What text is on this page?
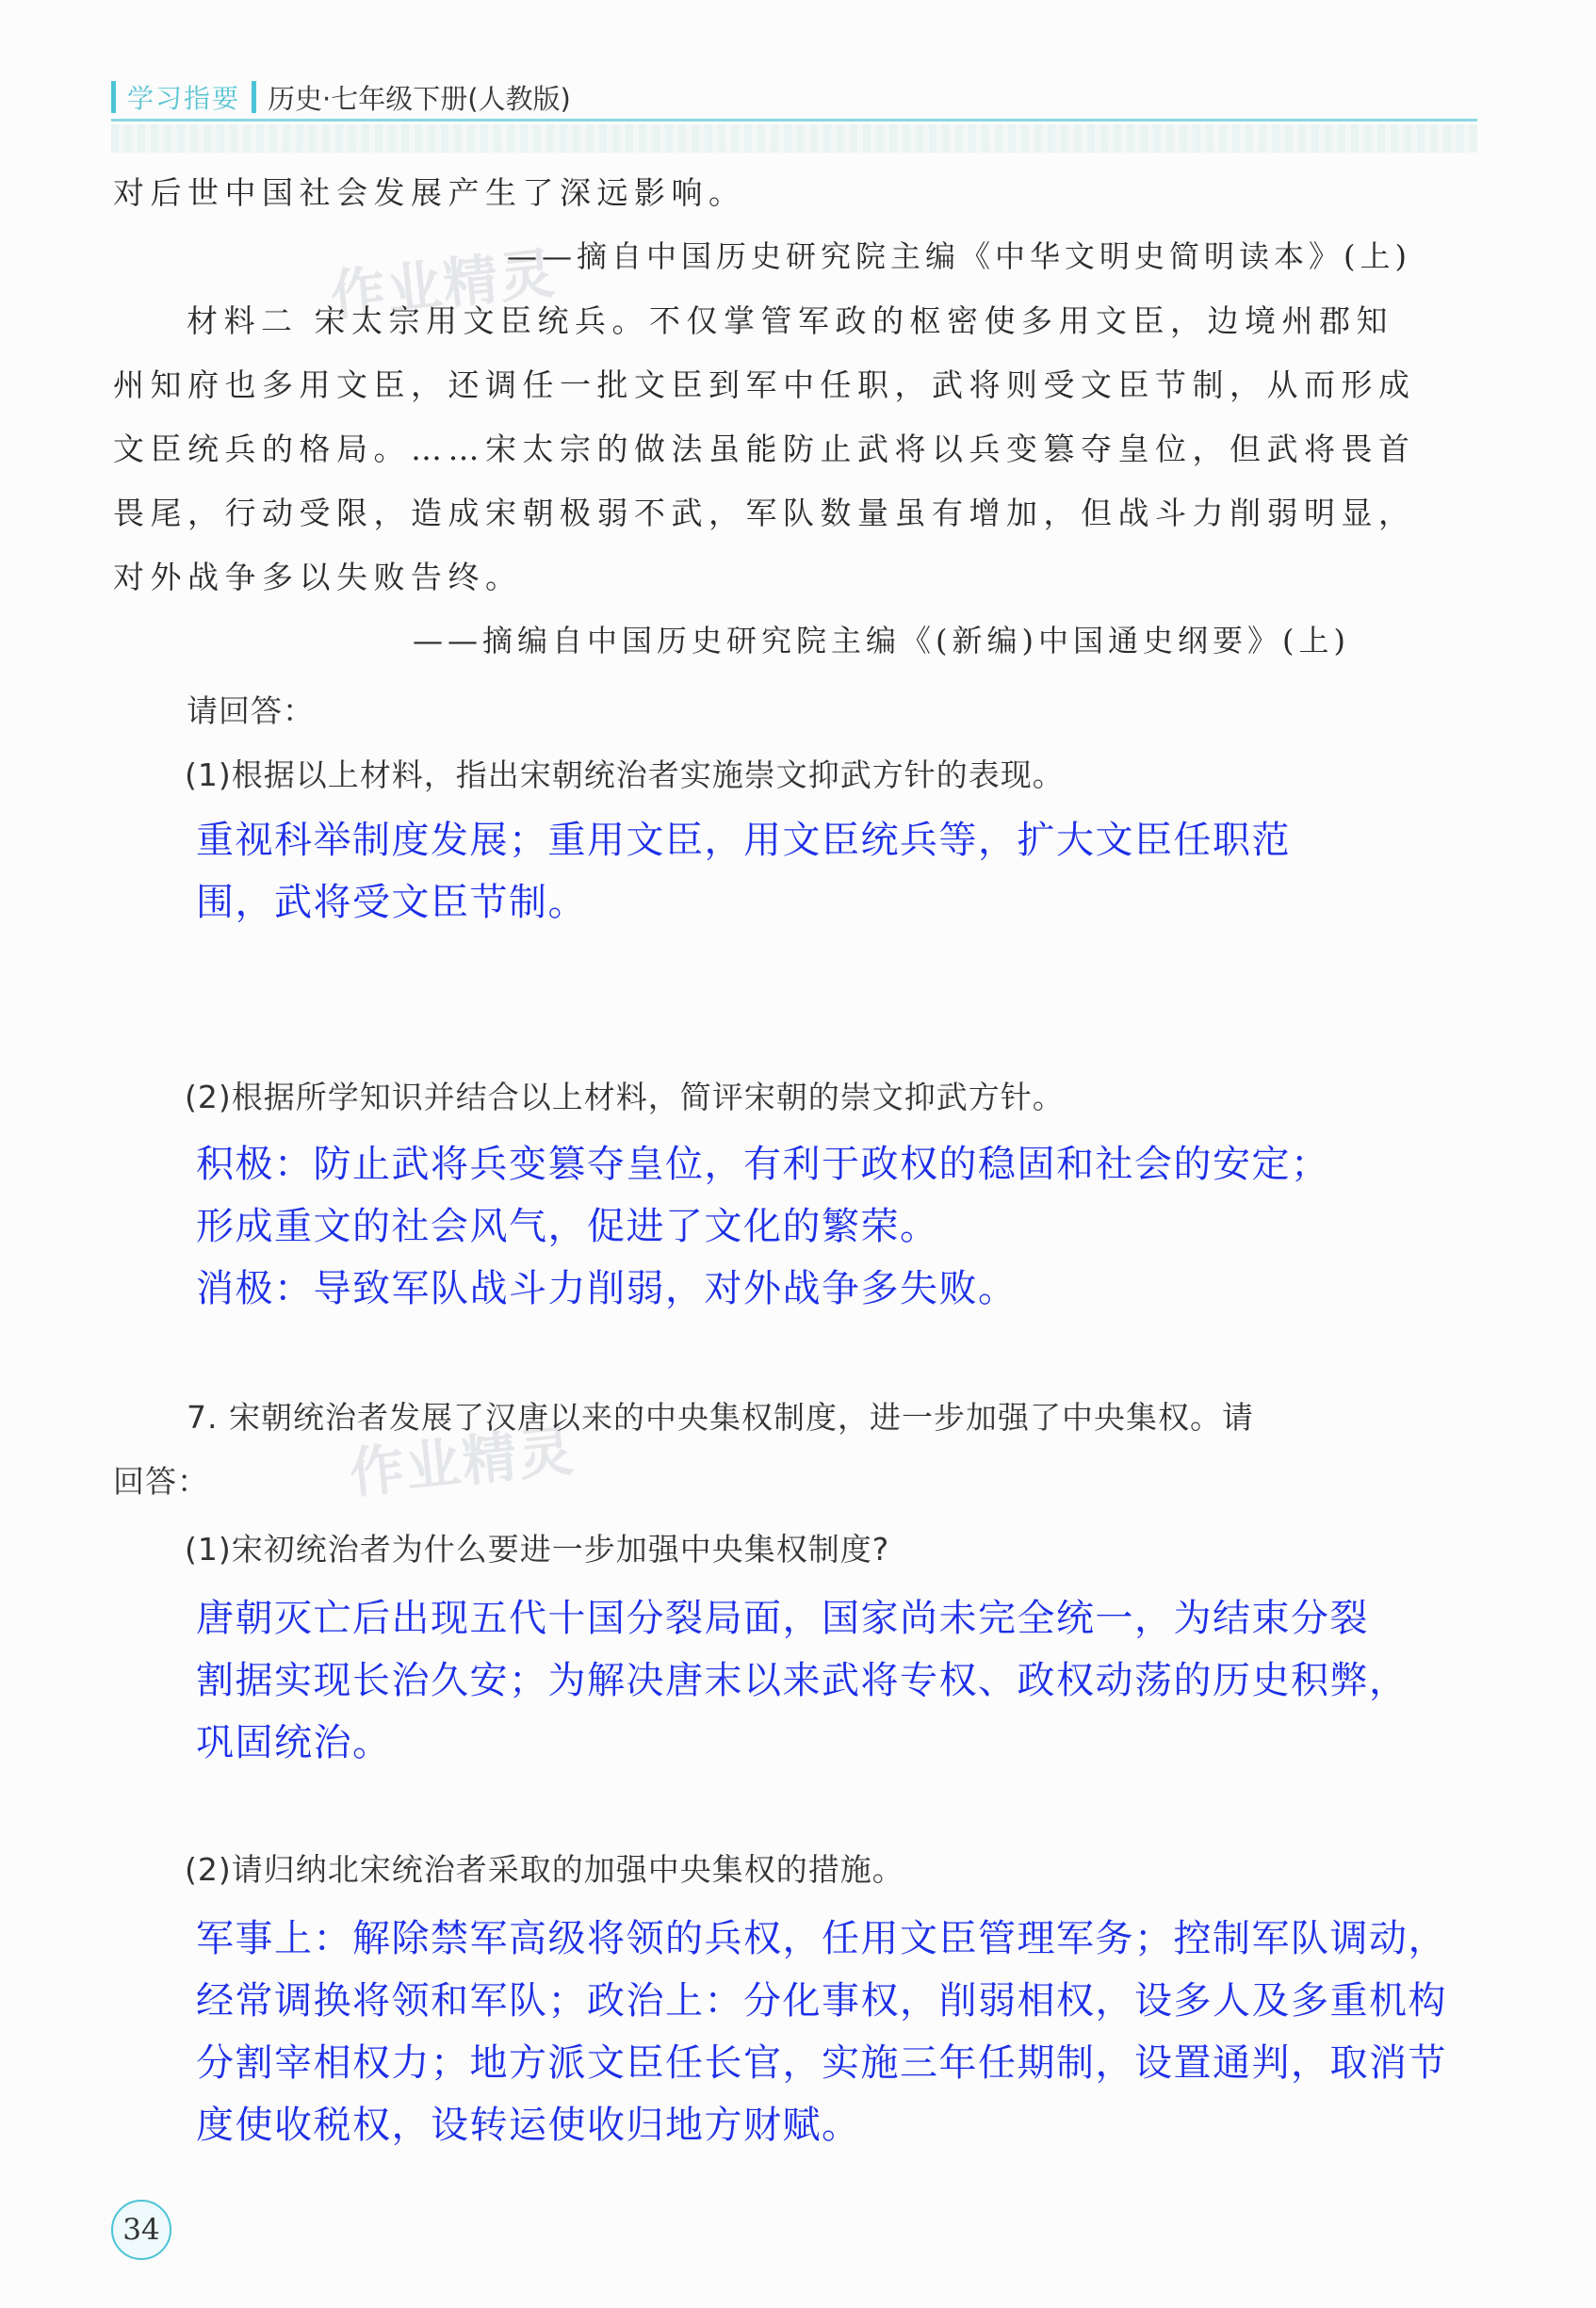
学习指要 历史·七年级下册(人教版)
作业精灵
作业精灵
对后世中国社会发展产生了深远影响。
——摘自中国历史研究院主编《中华文明史简明读本》(上)
材料二 宋太宗用文臣统兵。不仅掌管军政的枢密使多用文臣，边境州郡知
州知府也多用文臣，还调任一批文臣到军中任职，武将则受文臣节制，从而形成
文臣统兵的格局。……宋太宗的做法虽能防止武将以兵变篡夺皇位，但武将畏首
畏尾，行动受限，造成宋朝极弱不武，军队数量虽有增加，但战斗力削弱明显，
对外战争多以失败告终。
——摘编自中国历史研究院主编《(新编)中国通史纲要》(上)
请回答：
(1)根据以上材料，指出宋朝统治者实施崇文抑武方针的表现。
重视科举制度发展；重用文臣，用文臣统兵等，扩大文臣任职范
围，武将受文臣节制。
(2)根据所学知识并结合以上材料，简评宋朝的崇文抑武方针。
积极：防止武将兵变篡夺皇位，有利于政权的稳固和社会的安定；
形成重文的社会风气，促进了文化的繁荣。
消极：导致军队战斗力削弱，对外战争多失败。
7. 宋朝统治者发展了汉唐以来的中央集权制度，进一步加强了中央集权。请
回答：
(1)宋初统治者为什么要进一步加强中央集权制度?
唐朝灭亡后出现五代十国分裂局面，国家尚未完全统一，为结束分裂
割据实现长治久安；为解决唐末以来武将专权、政权动荡的历史积弊，
巩固统治。
(2)请归纳北宋统治者采取的加强中央集权的措施。
军事上：解除禁军高级将领的兵权，任用文臣管理军务；控制军队调动，
经常调换将领和军队；政治上：分化事权，削弱相权，设多人及多重机构
分割宰相权力；地方派文臣任长官，实施三年任期制，设置通判，取消节
度使收税权，设转运使收归地方财赋。
34
